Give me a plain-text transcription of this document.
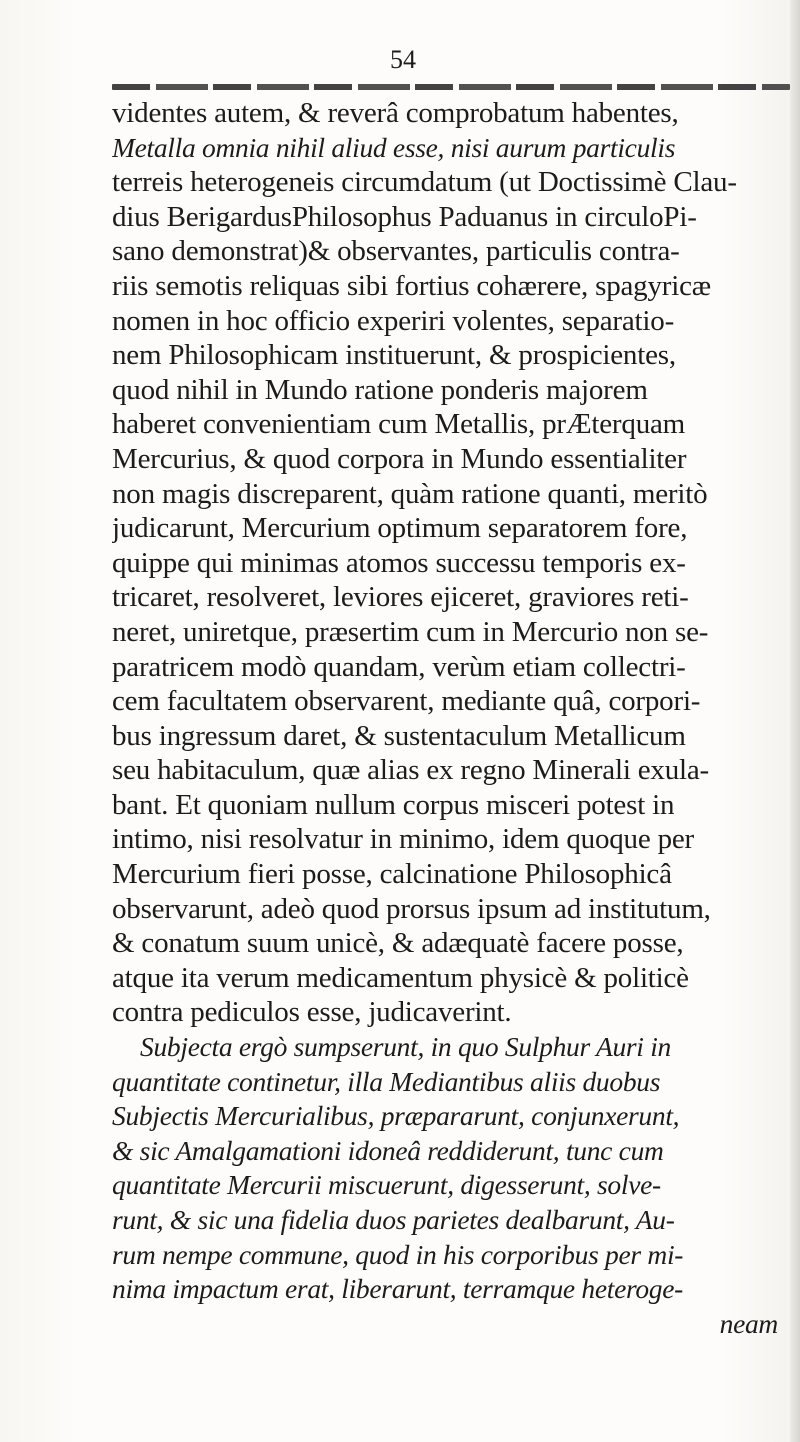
54
videntes autem, & reverâ comprobatum habentes,
Metalla omnia nihil aliud esse, nisi aurum particulis
terreis heterogeneis circumdatum (ut Doctissimè Clau-
dius BerigardusPhilosophus Paduanus in circuloPi-
sano demonstrat)& observantes, particulis contra-
riis semotis reliquas sibi fortius cohærere, spagyricæ
nomen in hoc officio experiri volentes, separatio-
nem Philosophicam instituerunt, & prospicientes,
quod nihil in Mundo ratione ponderis majorem
haberet convenientiam cum Metallis, prÆterquam
Mercurius, & quod corpora in Mundo essentialiter
non magis discreparent, quàm ratione quanti, meritò
judicarunt, Mercurium optimum separatorem fore,
quippe qui minimas atomos successu temporis ex-
tricaret, resolveret, leviores ejiceret, graviores reti-
neret, uniretque, præsertim cum in Mercurio non se-
paratricem modò quandam, verùm etiam collectri-
cem facultatem observarent, mediante quâ, corpori-
bus ingressum daret, & sustentaculum Metallicum
seu habitaculum, quæ alias ex regno Minerali exula-
bant. Et quoniam nullum corpus misceri potest in
intimo, nisi resolvatur in minimo, idem quoque per
Mercurium fieri posse, calcinatione Philosophicâ
observarunt, adeò quod prorsus ipsum ad institutum,
& conatum suum unicè, & adæquatè facere posse,
atque ita verum medicamentum physicè & politicè
contra pediculos esse, judicaverint.
Subjecta ergò sumpserunt, in quo Sulphur Auri in
quantitate continetur, illa Mediantibus aliis duobus
Subjectis Mercurialibus, præpararunt, conjunxerunt,
& sic Amalgamationi idoneâ reddiderunt, tunc cum
quantitate Mercurii miscuerunt, digesserunt, solve-
runt, & sic una fidelia duos parietes dealbarunt, Au-
rum nempe commune, quod in his corporibus per mi-
nima impactum erat, liberarunt, terramque heteroge-
neam
